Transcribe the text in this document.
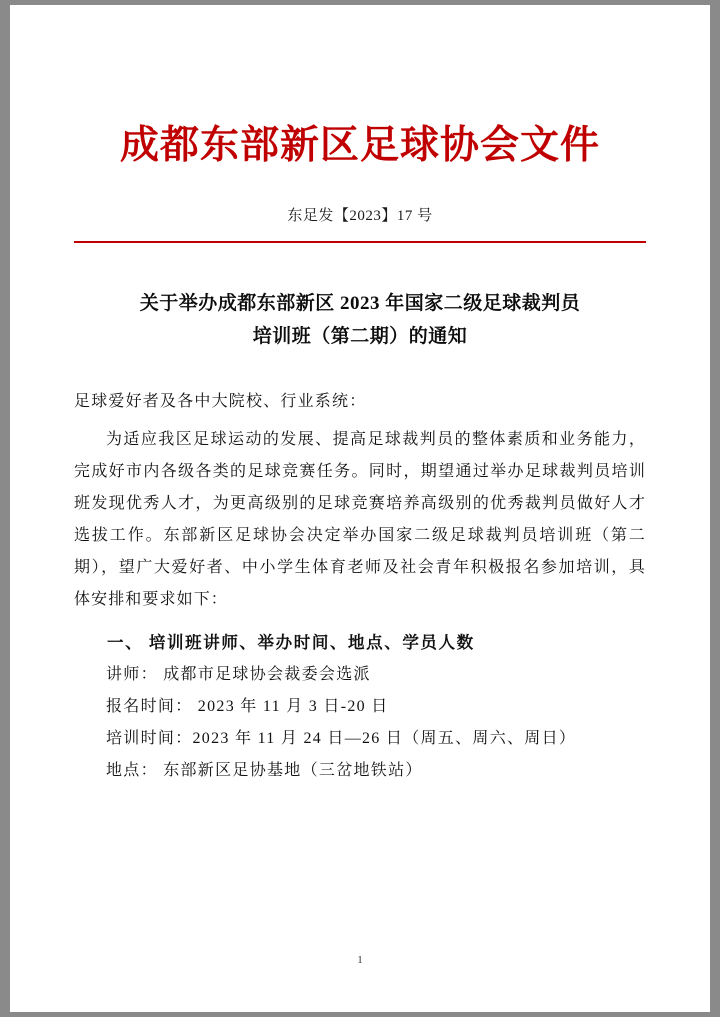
成都东部新区足球协会文件
东足发【2023】17 号
关于举办成都东部新区 2023 年国家二级足球裁判员
培训班（第二期）的通知
足球爱好者及各中大院校、行业系统：
为适应我区足球运动的发展、提高足球裁判员的整体素质和业务能力，完成好市内各级各类的足球竞赛任务。同时，期望通过举办足球裁判员培训班发现优秀人才，为更高级别的足球竞赛培养高级别的优秀裁判员做好人才选拔工作。东部新区足球协会决定举办国家二级足球裁判员培训班（第二期），望广大爱好者、中小学生体育老师及社会青年积极报名参加培训，具体安排和要求如下：
一、 培训班讲师、举办时间、地点、学员人数
讲师： 成都市足球协会裁委会选派
报名时间： 2023 年 11 月 3 日-20 日
培训时间：2023 年 11 月 24 日—26 日（周五、周六、周日）
地点： 东部新区足协基地（三岔地铁站）
1
